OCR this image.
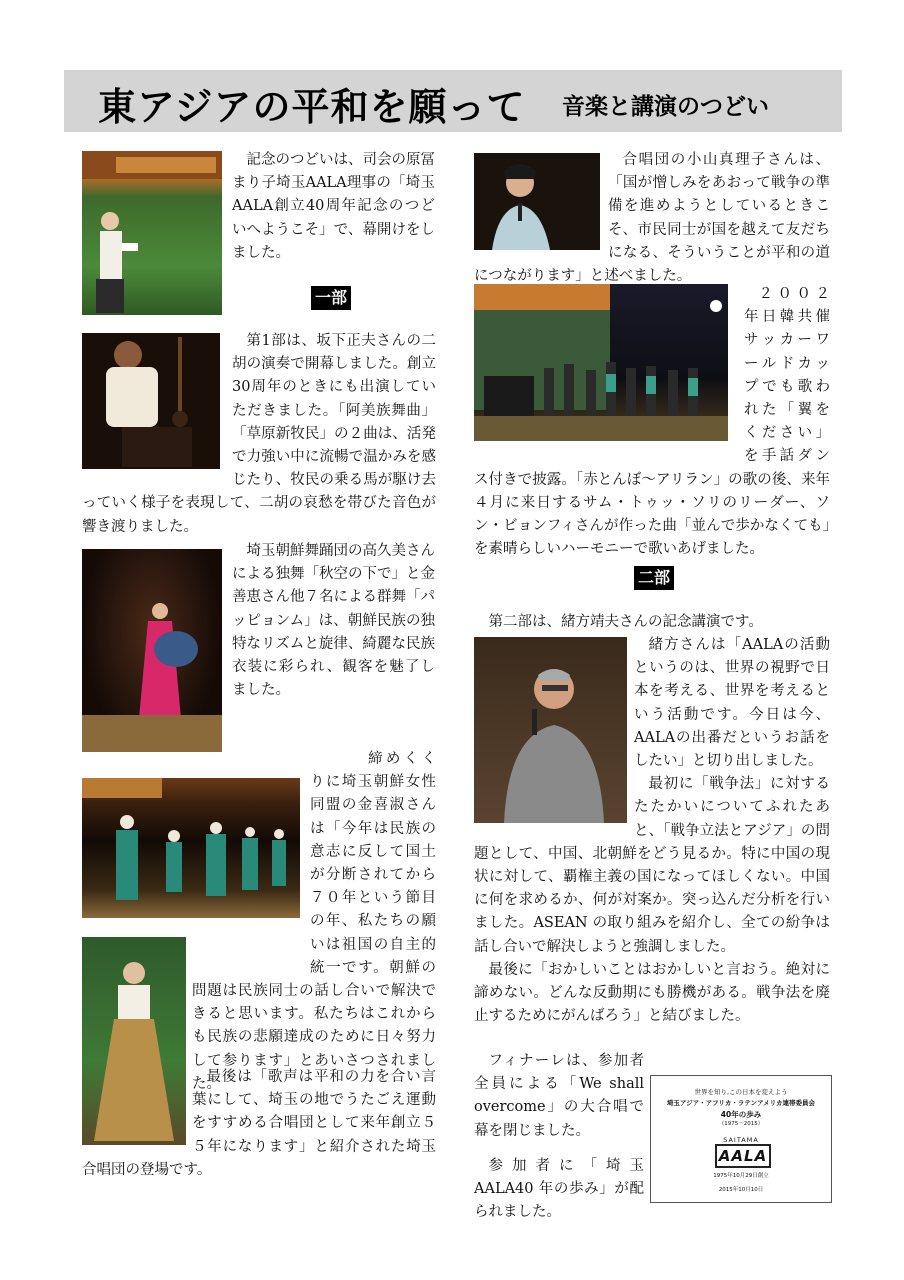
東アジアの平和を願って 音楽と講演のつどい

記念のつどいは、司会の原冨まり子埼玉AALA理事の「埼玉AALA創立40周年記念のつどいへようこそ」で、幕開けをしました。

一部

第1部は、坂下正夫さんの二胡の演奏で開幕しました。創立30周年のときにも出演していただきました。「阿美族舞曲」「草原新牧民」の２曲は、活発で力強い中に流暢で温かみを感じたり、牧民の乗る馬が駆け去っていく様子を表現して、二胡の哀愁を帯びた音色が響き渡りました。

埼玉朝鮮舞踊団の高久美さんによる独舞「秋空の下で」と金善恵さん他７名による群舞「パッピョンム」は、朝鮮民族の独特なリズムと旋律、綺麗な民族衣装に彩られ、観客を魅了しました。

締めくくりに埼玉朝鮮女性同盟の金喜淑さんは「今年は民族の意志に反して国土が分断されてから７０年という節目の年、私たちの願いは祖国の自主的統一です。朝鮮の問題は民族同士の話し合いで解決できると思います。私たちはこれからも民族の悲願達成のために日々努力して参ります」とあいさつされました。

最後は「歌声は平和の力を合い言葉にして、埼玉の地でうたごえ運動をすすめる合唱団として来年創立５５年になります」と紹介された埼玉合唱団の登場です。

合唱団の小山真理子さんは、「国が憎しみをあおって戦争の準備を進めようとしているときこそ、市民同士が国を越えて友だちになる、そういうことが平和の道につながります」と述べました。

２００２年日韓共催サッカーワールドカップでも歌われた「翼をください」を手話ダンス付きで披露。「赤とんぼ〜アリラン」の歌の後、来年４月に来日するサム・トゥッ・ソリのリーダー、ソン・ビョンフィさんが作った曲「並んで歩かなくても」を素晴らしいハーモニーで歌いあげました。

二部

第二部は、緒方靖夫さんの記念講演です。

緒方さんは「AALAの活動というのは、世界の視野で日本を考える、世界を考えるという活動です。今日は今、AALAの出番だというお話をしたい」と切り出しました。

最初に「戦争法」に対するたたかいについてふれたあと、「戦争立法とアジア」の問題として、中国、北朝鮮をどう見るか。特に中国の現状に対して、覇権主義の国になってほしくない。中国に何を求めるか、何が対案か。突っ込んだ分析を行いました。ASEAN の取り組みを紹介し、全ての紛争は話し合いで解決しようと強調しました。

最後に「おかしいことはおかしいと言おう。絶対に諦めない。どんな反動期にも勝機がある。戦争法を廃止するためにがんばろう」と結びました。

フィナーレは、参加者全員による「We shall overcome」の大合唱で幕を閉じました。

参加者に「埼玉 AALA40 年の歩み」が配られました。

世界を知り,この日本を変えよう
埼玉アジア・アフリカ・ラテンアメリカ連帯委員会
40年の歩み
（1975〜2015）
SAITAMA
AALA
1975年10月29日創立
2015年10月10日
